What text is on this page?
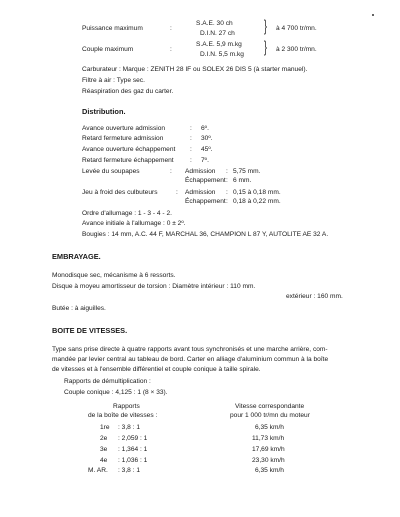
Puissance maximum	:
S.A.E. 30 ch
D.I.N. 27 ch } à 4 700 tr/mn.
Couple maximum	:
S.A.E. 5,9 m.kg
D.I.N. 5,5 m.kg } à 2 300 tr/mn.
Carburateur : Marque : ZENITH 28 IF ou SOLEX 26 DIS 5 (à starter manuel).
Filtre à air : Type sec.
Réaspiration des gaz du carter.
Distribution.
Avance ouverture admission	: 6º.
Retard fermeture admission	: 30º.
Avance ouverture échappement : 45º.
Retard fermeture échappement : 7º.
Levée du soupapes	: Admission : 5,75 mm.
Échappement : 6 mm.
Jeu à froid des culbuteurs	: Admission : 0,15 à 0,18 mm.
Échappement : 0,18 à 0,22 mm.
Ordre d'allumage : 1 - 3 - 4 - 2.
Avance initiale à l'allumage : 0 ± 2º.
Bougies : 14 mm, A.C. 44 F, MARCHAL 36, CHAMPION L 87 Y, AUTOLITE AE 32 A.
EMBRAYAGE.
Monodisque sec, mécanisme à 6 ressorts.
Disque à moyeu amortisseur de torsion : Diamètre intérieur : 110 mm.
extérieur : 160 mm.
Butée : à aiguilles.
BOITE DE VITESSES.
Type sans prise directe à quatre rapports avant tous synchronisés et une marche arrière, com-
mandée par levier central au tableau de bord. Carter en alliage d'aluminium commun à la boîte
de vitesses et à l'ensemble différentiel et couple conique à taille spirale.
Rapports de démultiplication :
Couple conique : 4,125 : 1 (8 × 33).
Rapports
de la boîte de vitesses :
Vitesse correspondante
pour 1 000 tr/mn du moteur
1re : 3,8 : 1	6,35 km/h
2e : 2,059 : 1	11,73 km/h
3e : 1,364 : 1	17,69 km/h
4e : 1,036 : 1	23,30 km/h
M. AR. : 3,8 : 1	6,35 km/h
